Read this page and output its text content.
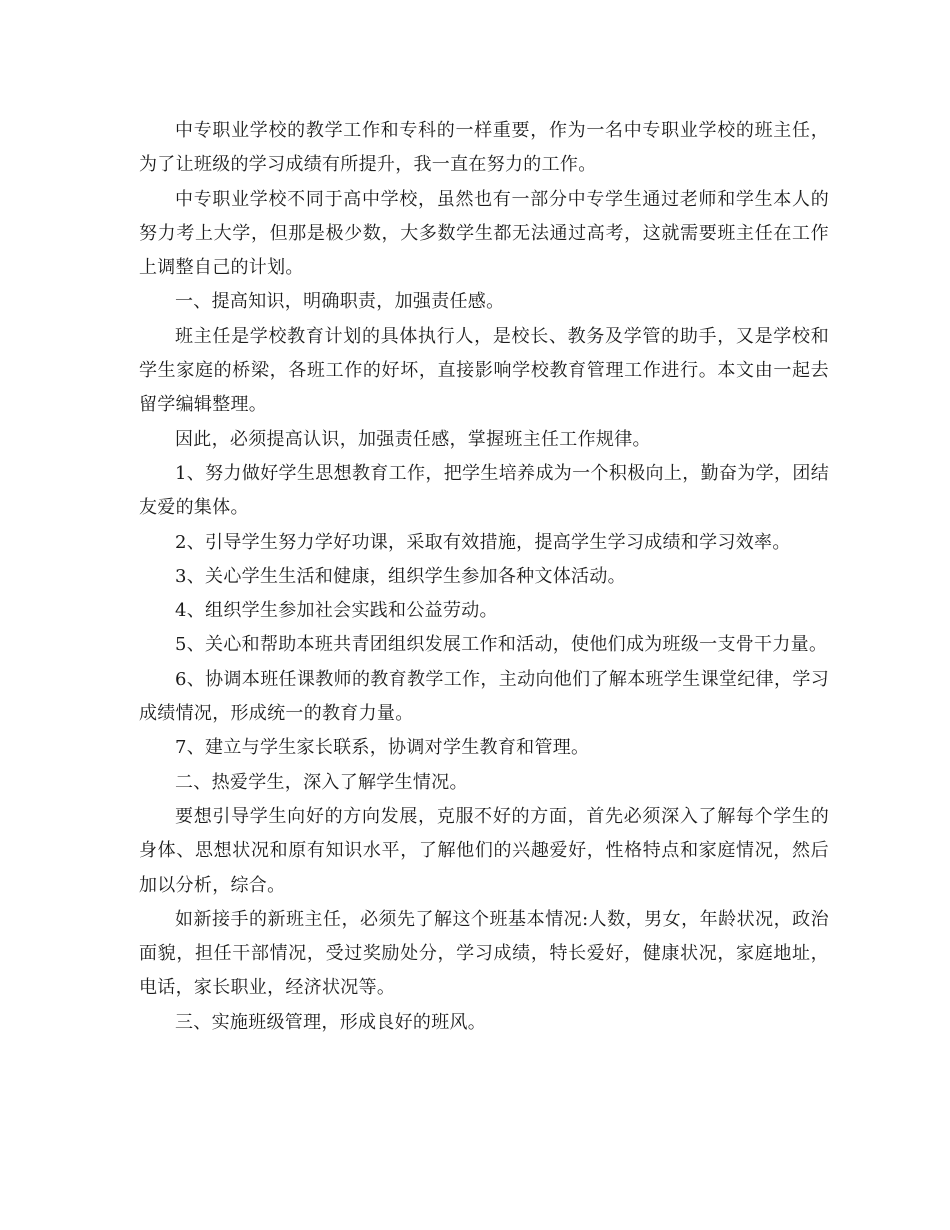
中专职业学校的教学工作和专科的一样重要，作为一名中专职业学校的班主任，为了让班级的学习成绩有所提升，我一直在努力的工作。

中专职业学校不同于高中学校，虽然也有一部分中专学生通过老师和学生本人的努力考上大学，但那是极少数，大多数学生都无法通过高考，这就需要班主任在工作上调整自己的计划。

一、提高知识，明确职责，加强责任感。

班主任是学校教育计划的具体执行人，是校长、教务及学管的助手，又是学校和学生家庭的桥梁，各班工作的好坏，直接影响学校教育管理工作进行。本文由一起去留学编辑整理。

因此，必须提高认识，加强责任感，掌握班主任工作规律。

1、努力做好学生思想教育工作，把学生培养成为一个积极向上，勤奋为学，团结友爱的集体。

2、引导学生努力学好功课，采取有效措施，提高学生学习成绩和学习效率。

3、关心学生生活和健康，组织学生参加各种文体活动。

4、组织学生参加社会实践和公益劳动。

5、关心和帮助本班共青团组织发展工作和活动，使他们成为班级一支骨干力量。

6、协调本班任课教师的教育教学工作，主动向他们了解本班学生课堂纪律，学习成绩情况，形成统一的教育力量。

7、建立与学生家长联系，协调对学生教育和管理。

二、热爱学生，深入了解学生情况。

要想引导学生向好的方向发展，克服不好的方面，首先必须深入了解每个学生的身体、思想状况和原有知识水平，了解他们的兴趣爱好，性格特点和家庭情况，然后加以分析，综合。

如新接手的新班主任，必须先了解这个班基本情况:人数，男女，年龄状况，政治面貌，担任干部情况，受过奖励处分，学习成绩，特长爱好，健康状况，家庭地址，电话，家长职业，经济状况等。

三、实施班级管理，形成良好的班风。
